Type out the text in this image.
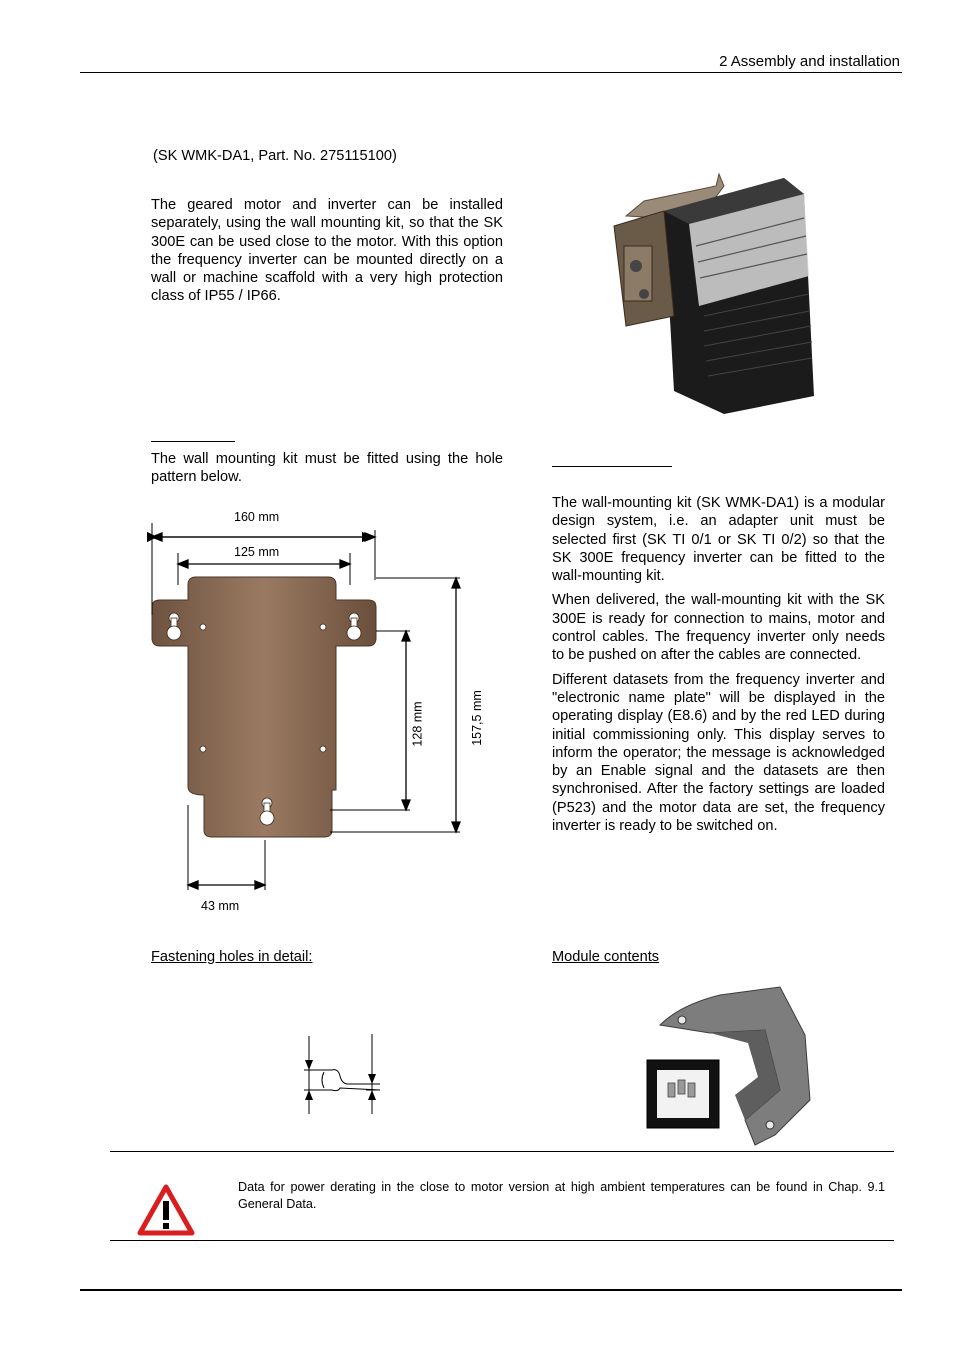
2 Assembly and installation
(SK WMK-DA1, Part. No. 275115100)

The geared motor and inverter can be installed separately, using the wall mounting kit, so that the SK 300E can be used close to the motor. With this option the frequency inverter can be mounted directly on a wall or machine scaffold with a very high protection class of IP55 / IP66.

The wall mounting kit must be fitted using the hole pattern below.

160 mm
125 mm
128 mm	157,5 mm
43 mm
Fastening holes in detail:

The wall-mounting kit (SK WMK-DA1) is a modular design system, i.e. an adapter unit must be selected first (SK TI 0/1 or SK TI 0/2) so that the SK 300E frequency inverter can be fitted to the wall-mounting kit.

When delivered, the wall-mounting kit with the SK 300E is ready for connection to mains, motor and control cables. The frequency inverter only needs to be pushed on after the cables are connected.

Different datasets from the frequency inverter and "electronic name plate" will be displayed in the operating display (E8.6) and by the red LED during initial commissioning only. This display serves to inform the operator; the message is acknowledged by an Enable signal and the datasets are then synchronised. After the factory settings are loaded (P523) and the motor data are set, the frequency inverter is ready to be switched on.

Module contents
Data for power derating in the close to motor version at high ambient temperatures can be found in Chap. 9.1 General Data.
